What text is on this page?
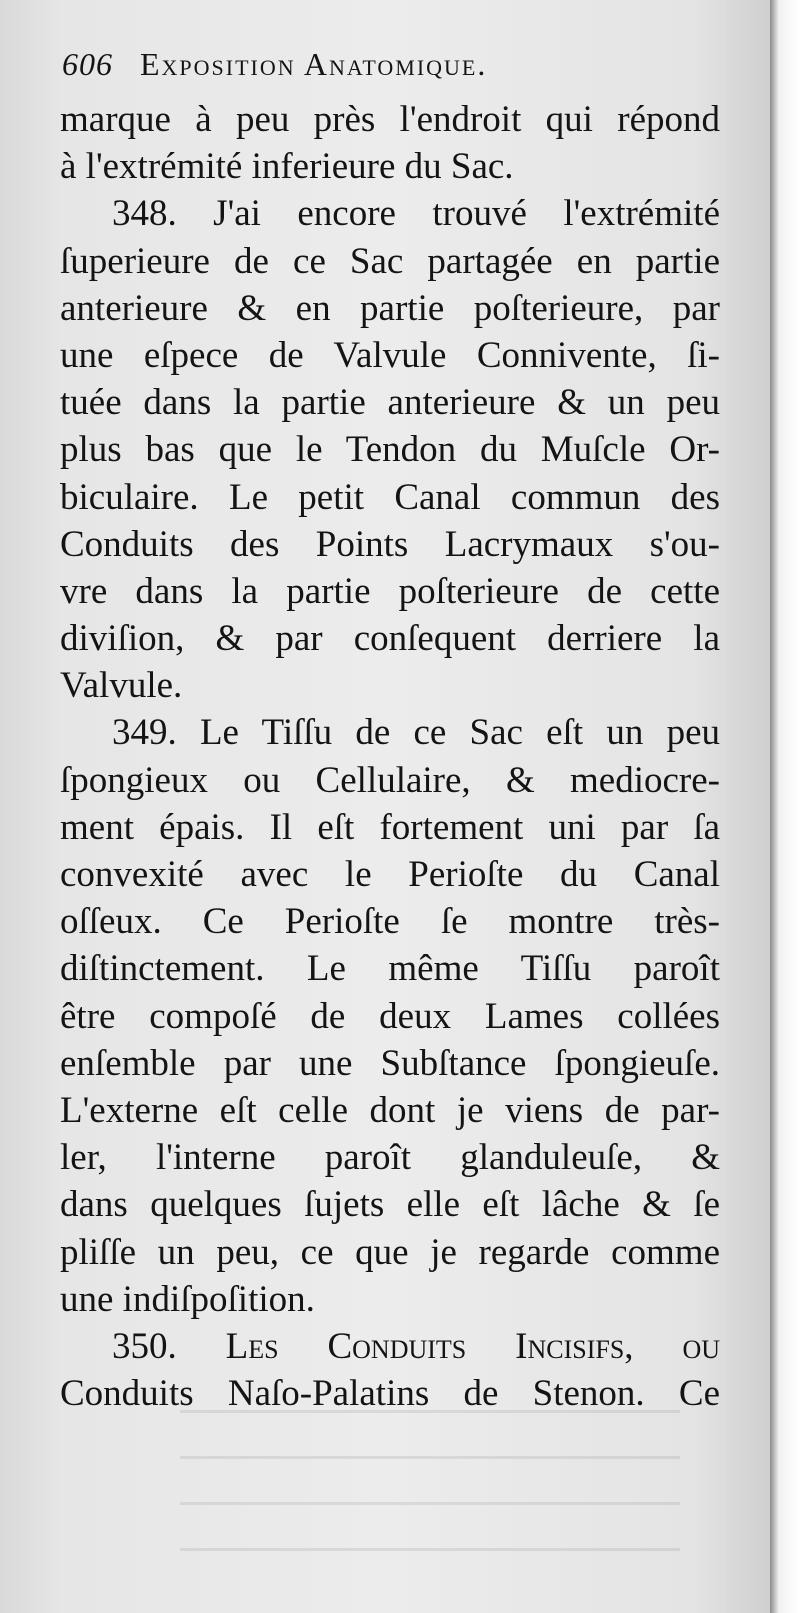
606 Exposition Anatomique.
marque à peu près l'endroit qui répond
à l'extrémité inferieure du Sac.
348. J'ai encore trouvé l'extrémité
ſuperieure de ce Sac partagée en partie
anterieure & en partie poſterieure, par
une eſpece de Valvule Connivente, ſi-
tuée dans la partie anterieure & un peu
plus bas que le Tendon du Muſcle Or-
biculaire. Le petit Canal commun des
Conduits des Points Lacrymaux s'ou-
vre dans la partie poſterieure de cette
diviſion, & par conſequent derriere la
Valvule.
349. Le Tiſſu de ce Sac eſt un peu
ſpongieux ou Cellulaire, & mediocre-
ment épais. Il eſt fortement uni par ſa
convexité avec le Perioſte du Canal
oſſeux. Ce Perioſte ſe montre très-
diſtinctement. Le même Tiſſu paroît
être compoſé de deux Lames collées
enſemble par une Subſtance ſpongieuſe.
L'externe eſt celle dont je viens de par-
ler, l'interne paroît glanduleuſe, &
dans quelques ſujets elle eſt lâche & ſe
pliſſe un peu, ce que je regarde comme
une indiſpoſition.
350. Les Conduits Inciſifs, ou
Conduits Naſo-Palatins de Stenon. Ce
